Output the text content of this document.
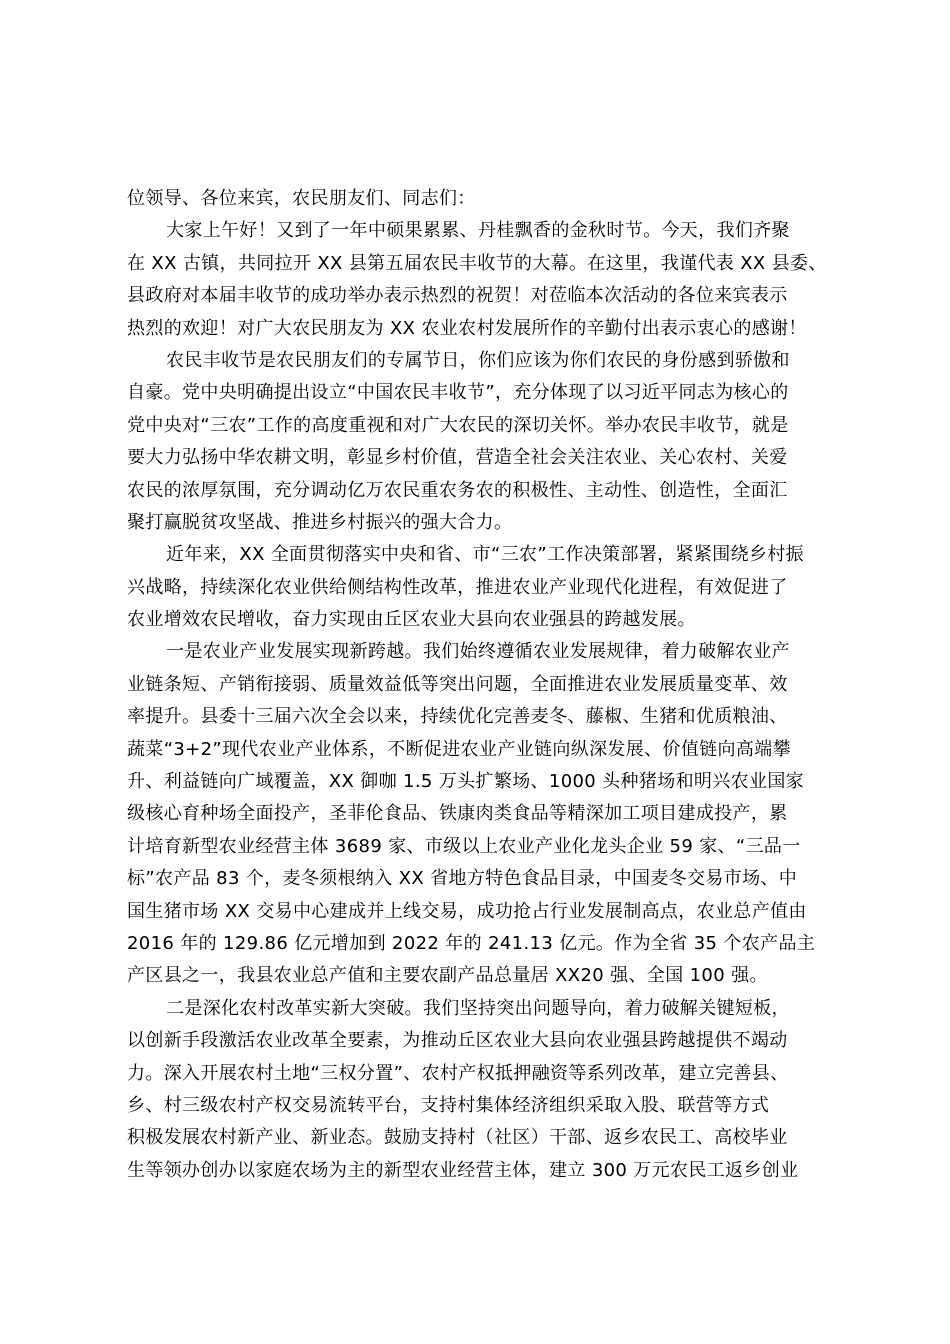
位领导、各位来宾，农民朋友们、同志们：
大家上午好！又到了一年中硕果累累、丹桂飘香的金秋时节。今天，我们齐聚
在 XX 古镇，共同拉开 XX 县第五届农民丰收节的大幕。在这里，我谨代表 XX 县委、
县政府对本届丰收节的成功举办表示热烈的祝贺！对莅临本次活动的各位来宾表示
热烈的欢迎！对广大农民朋友为 XX 农业农村发展所作的辛勤付出表示衷心的感谢！
农民丰收节是农民朋友们的专属节日，你们应该为你们农民的身份感到骄傲和
自豪。党中央明确提出设立“中国农民丰收节”，充分体现了以习近平同志为核心的
党中央对“三农”工作的高度重视和对广大农民的深切关怀。举办农民丰收节，就是
要大力弘扬中华农耕文明，彰显乡村价值，营造全社会关注农业、关心农村、关爱
农民的浓厚氛围，充分调动亿万农民重农务农的积极性、主动性、创造性，全面汇
聚打赢脱贫攻坚战、推进乡村振兴的强大合力。
近年来，XX 全面贯彻落实中央和省、市“三农”工作决策部署，紧紧围绕乡村振
兴战略，持续深化农业供给侧结构性改革，推进农业产业现代化进程，有效促进了
农业增效农民增收，奋力实现由丘区农业大县向农业强县的跨越发展。
一是农业产业发展实现新跨越。我们始终遵循农业发展规律，着力破解农业产
业链条短、产销衔接弱、质量效益低等突出问题，全面推进农业发展质量变革、效
率提升。县委十三届六次全会以来，持续优化完善麦冬、藤椒、生猪和优质粮油、
蔬菜“3+2”现代农业产业体系，不断促进农业产业链向纵深发展、价值链向高端攀
升、利益链向广域覆盖，XX 御咖 1.5 万头扩繁场、1000 头种猪场和明兴农业国家
级核心育种场全面投产，圣菲伦食品、铁康肉类食品等精深加工项目建成投产，累
计培育新型农业经营主体 3689 家、市级以上农业产业化龙头企业 59 家、“三品一
标”农产品 83 个，麦冬须根纳入 XX 省地方特色食品目录，中国麦冬交易市场、中
国生猪市场 XX 交易中心建成并上线交易，成功抢占行业发展制高点，农业总产值由
2016 年的 129.86 亿元增加到 2022 年的 241.13 亿元。作为全省 35 个农产品主
产区县之一，我县农业总产值和主要农副产品总量居 XX20 强、全国 100 强。
二是深化农村改革实新大突破。我们坚持突出问题导向，着力破解关键短板，
以创新手段激活农业改革全要素，为推动丘区农业大县向农业强县跨越提供不竭动
力。深入开展农村土地“三权分置”、农村产权抵押融资等系列改革，建立完善县、
乡、村三级农村产权交易流转平台，支持村集体经济组织采取入股、联营等方式
积极发展农村新产业、新业态。鼓励支持村（社区）干部、返乡农民工、高校毕业
生等领办创办以家庭农场为主的新型农业经营主体，建立 300 万元农民工返乡创业
